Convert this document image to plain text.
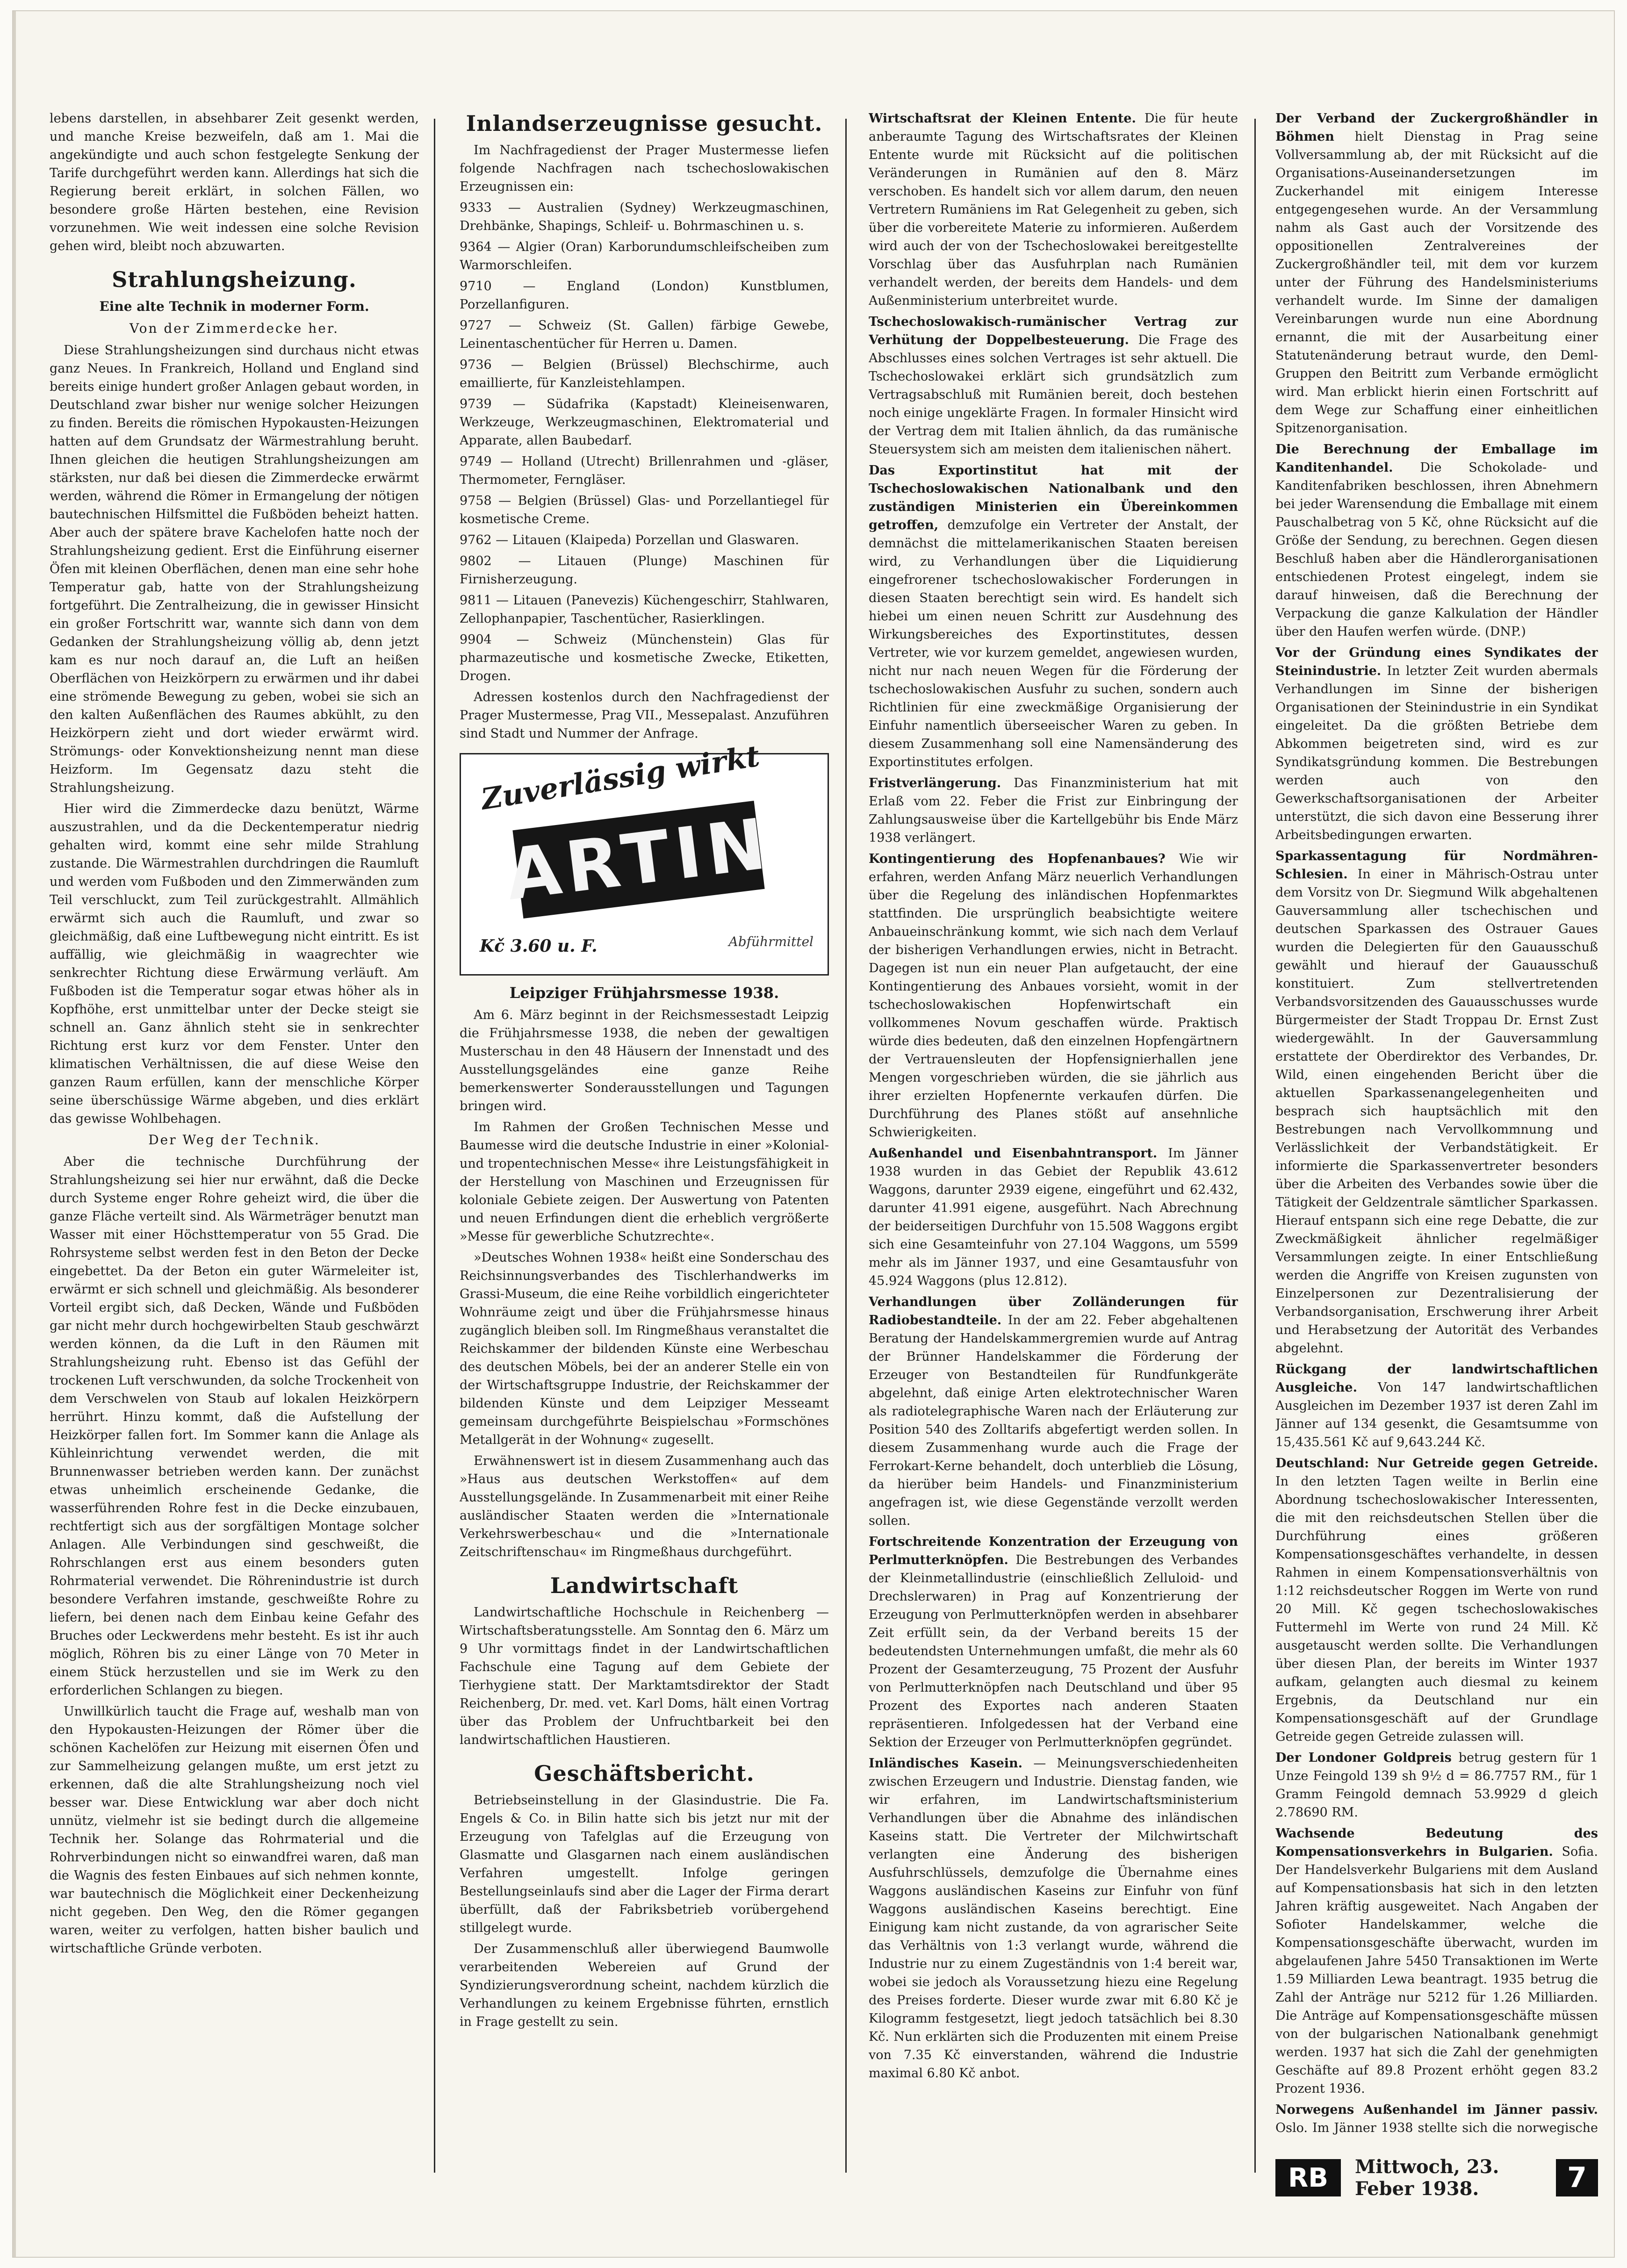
lebens darstellen, in absehbarer Zeit gesenkt werden, und manche Kreise bezweifeln, daß am 1. Mai die angekündigte und auch schon festgelegte Senkung der Tarife durchgeführt werden kann. Allerdings hat sich die Regierung bereit erklärt, in solchen Fällen, wo besondere große Härten bestehen, eine Revision vorzunehmen. Wie weit indessen eine solche Revision gehen wird, bleibt noch abzuwarten.

Strahlungsheizung.
Eine alte Technik in moderner Form.
Von der Zimmerdecke her.

Diese Strahlungsheizungen sind durchaus nicht etwas ganz Neues. In Frankreich, Holland und England sind bereits einige hundert großer Anlagen gebaut worden, in Deutschland zwar bisher nur wenige solcher Heizungen zu finden. Bereits die römischen Hypokausten-Heizungen hatten auf dem Grundsatz der Wärmestrahlung beruht. Ihnen gleichen die heutigen Strahlungsheizungen am stärksten, nur daß bei diesen die Zimmerdecke erwärmt werden, während die Römer in Ermangelung der nötigen bautechnischen Hilfsmittel die Fußböden beheizt hatten. Aber auch der spätere brave Kachelofen hatte noch der Strahlungsheizung gedient. Erst die Einführung eiserner Öfen mit kleinen Oberflächen, denen man eine sehr hohe Temperatur gab, hatte von der Strahlungsheizung fortgeführt. Die Zentralheizung, die in gewisser Hinsicht ein großer Fortschritt war, wannte sich dann von dem Gedanken der Strahlungsheizung völlig ab, denn jetzt kam es nur noch darauf an, die Luft an heißen Oberflächen von Heizkörpern zu erwärmen und ihr dabei eine strömende Bewegung zu geben, wobei sie sich an den kalten Außenflächen des Raumes abkühlt, zu den Heizkörpern zieht und dort wieder erwärmt wird. Strömungs- oder Konvektionsheizung nennt man diese Heizform. Im Gegensatz dazu steht die Strahlungsheizung.

Hier wird die Zimmerdecke dazu benützt, Wärme auszustrahlen, und da die Deckentemperatur niedrig gehalten wird, kommt eine sehr milde Strahlung zustande. Die Wärmestrahlen durchdringen die Raumluft und werden vom Fußboden und den Zimmerwänden zum Teil verschluckt, zum Teil zurückgestrahlt. Allmählich erwärmt sich auch die Raumluft, und zwar so gleichmäßig, daß eine Luftbewegung nicht eintritt. Es ist auffällig, wie gleichmäßig in waagrechter wie senkrechter Richtung diese Erwärmung verläuft. Am Fußboden ist die Temperatur sogar etwas höher als in Kopfhöhe, erst unmittelbar unter der Decke steigt sie schnell an. Ganz ähnlich steht sie in senkrechter Richtung erst kurz vor dem Fenster. Unter den klimatischen Verhältnissen, die auf diese Weise den ganzen Raum erfüllen, kann der menschliche Körper seine überschüssige Wärme abgeben, und dies erklärt das gewisse Wohlbehagen.

Der Weg der Technik.

Aber die technische Durchführung der Strahlungsheizung sei hier nur erwähnt, daß die Decke durch Systeme enger Rohre geheizt wird, die über die ganze Fläche verteilt sind. Als Wärmeträger benutzt man Wasser mit einer Höchsttemperatur von 55 Grad. Die Rohrsysteme selbst werden fest in den Beton der Decke eingebettet. Da der Beton ein guter Wärmeleiter ist, erwärmt er sich schnell und gleichmäßig. Als besonderer Vorteil ergibt sich, daß Decken, Wände und Fußböden gar nicht mehr durch hochgewirbelten Staub geschwärzt werden können, da die Luft in den Räumen mit Strahlungsheizung ruht. Ebenso ist das Gefühl der trockenen Luft verschwunden, da solche Trockenheit von dem Verschwelen von Staub auf lokalen Heizkörpern herrührt. Hinzu kommt, daß die Aufstellung der Heizkörper fallen fort. Im Sommer kann die Anlage als Kühleinrichtung verwendet werden, die mit Brunnenwasser betrieben werden kann. Der zunächst etwas unheimlich erscheinende Gedanke, die wasserführenden Rohre fest in die Decke einzubauen, rechtfertigt sich aus der sorgfältigen Montage solcher Anlagen. Alle Verbindungen sind geschweißt, die Rohrschlangen erst aus einem besonders guten Rohrmaterial verwendet. Die Röhrenindustrie ist durch besondere Verfahren imstande, geschweißte Rohre zu liefern, bei denen nach dem Einbau keine Gefahr des Bruches oder Leckwerdens mehr besteht. Es ist ihr auch möglich, Röhren bis zu einer Länge von 70 Meter in einem Stück herzustellen und sie im Werk zu den erforderlichen Schlangen zu biegen.

Unwillkürlich taucht die Frage auf, weshalb man von den Hypokausten-Heizungen der Römer über die schönen Kachelöfen zur Heizung mit eisernen Öfen und zur Sammelheizung gelangen mußte, um erst jetzt zu erkennen, daß die alte Strahlungsheizung noch viel besser war. Diese Entwicklung war aber doch nicht unnütz, vielmehr ist sie bedingt durch die allgemeine Technik her. Solange das Rohrmaterial und die Rohrverbindungen nicht so einwandfrei waren, daß man die Wagnis des festen Einbaues auf sich nehmen konnte, war bautechnisch die Möglichkeit einer Deckenheizung nicht gegeben. Den Weg, den die Römer gegangen waren, weiter zu verfolgen, hatten bisher baulich und wirtschaftliche Gründe verboten.

Inlandserzeugnisse gesucht.

Im Nachfragedienst der Prager Mustermesse liefen folgende Nachfragen nach tschechoslowakischen Erzeugnissen ein:

9333 — Australien (Sydney) Werkzeugmaschinen, Drehbänke, Shapings, Schleif- u. Bohrmaschinen u. s.

9364 — Algier (Oran) Karborundumschleifscheiben zum Warmorschleifen.

9710 — England (London) Kunstblumen, Porzellanfiguren.

9727 — Schweiz (St. Gallen) färbige Gewebe, Leinentaschentücher für Herren u. Damen.

9736 — Belgien (Brüssel) Blechschirme, auch emaillierte, für Kanzleistehlampen.

9739 — Südafrika (Kapstadt) Kleineisenwaren, Werkzeuge, Werkzeugmaschinen, Elektromaterial und Apparate, allen Baubedarf.

9749 — Holland (Utrecht) Brillenrahmen und -gläser, Thermometer, Ferngläser.

9758 — Belgien (Brüssel) Glas- und Porzellantiegel für kosmetische Creme.

9762 — Litauen (Klaipeda) Porzellan und Glaswaren.

9802 — Litauen (Plunge) Maschinen für Firnisherzeugung.

9811 — Litauen (Panevezis) Küchengeschirr, Stahlwaren, Zellophanpapier, Taschentücher, Rasierklingen.

9904 — Schweiz (Münchenstein) Glas für pharmazeutische und kosmetische Zwecke, Etiketten, Drogen.

Adressen kostenlos durch den Nachfragedienst der Prager Mustermesse, Prag VII., Messepalast. Anzuführen sind Stadt und Nummer der Anfrage.

Zuverlässig wirkt
ARTIN
Kč 3.60 u. F.	Abführmittel
Leipziger Frühjahrsmesse 1938.

Am 6. März beginnt in der Reichsmessestadt Leipzig die Frühjahrsmesse 1938, die neben der gewaltigen Musterschau in den 48 Häusern der Innenstadt und des Ausstellungsgeländes eine ganze Reihe bemerkenswerter Sonderausstellungen und Tagungen bringen wird.

Im Rahmen der Großen Technischen Messe und Baumesse wird die deutsche Industrie in einer »Kolonial- und tropentechnischen Messe« ihre Leistungsfähigkeit in der Herstellung von Maschinen und Erzeugnissen für koloniale Gebiete zeigen. Der Auswertung von Patenten und neuen Erfindungen dient die erheblich vergrößerte »Messe für gewerbliche Schutzrechte«.

»Deutsches Wohnen 1938« heißt eine Sonderschau des Reichsinnungsverbandes des Tischlerhandwerks im Grassi-Museum, die eine Reihe vorbildlich eingerichteter Wohnräume zeigt und über die Frühjahrsmesse hinaus zugänglich bleiben soll. Im Ringmeßhaus veranstaltet die Reichskammer der bildenden Künste eine Werbeschau des deutschen Möbels, bei der an anderer Stelle ein von der Wirtschaftsgruppe Industrie, der Reichskammer der bildenden Künste und dem Leipziger Messeamt gemeinsam durchgeführte Beispielschau »Formschönes Metallgerät in der Wohnung« zugesellt.

Erwähnenswert ist in diesem Zusammenhang auch das »Haus aus deutschen Werkstoffen« auf dem Ausstellungsgelände. In Zusammenarbeit mit einer Reihe ausländischer Staaten werden die »Internationale Verkehrswerbeschau« und die »Internationale Zeitschriftenschau« im Ringmeßhaus durchgeführt.

Landwirtschaft

Landwirtschaftliche Hochschule in Reichenberg — Wirtschaftsberatungsstelle. Am Sonntag den 6. März um 9 Uhr vormittags findet in der Landwirtschaftlichen Fachschule eine Tagung auf dem Gebiete der Tierhygiene statt. Der Marktamtsdirektor der Stadt Reichenberg, Dr. med. vet. Karl Doms, hält einen Vortrag über das Problem der Unfruchtbarkeit bei den landwirtschaftlichen Haustieren.

Geschäftsbericht.

Betriebseinstellung in der Glasindustrie. Die Fa. Engels & Co. in Bilin hatte sich bis jetzt nur mit der Erzeugung von Tafelglas auf die Erzeugung von Glasmatte und Glasgarnen nach einem ausländischen Verfahren umgestellt. Infolge geringen Bestellungseinlaufs sind aber die Lager der Firma derart überfüllt, daß der Fabriksbetrieb vorübergehend stillgelegt wurde.

Der Zusammenschluß aller überwiegend Baumwolle verarbeitenden Webereien auf Grund der Syndizierungsverordnung scheint, nachdem kürzlich die Verhandlungen zu keinem Ergebnisse führten, ernstlich in Frage gestellt zu sein.

Wirtschaftsrat der Kleinen Entente. Die für heute anberaumte Tagung des Wirtschaftsrates der Kleinen Entente wurde mit Rücksicht auf die politischen Veränderungen in Rumänien auf den 8. März verschoben. Es handelt sich vor allem darum, den neuen Vertretern Rumäniens im Rat Gelegenheit zu geben, sich über die vorbereitete Materie zu informieren. Außerdem wird auch der von der Tschechoslowakei bereitgestellte Vorschlag über das Ausfuhrplan nach Rumänien verhandelt werden, der bereits dem Handels- und dem Außenministerium unterbreitet wurde.

Tschechoslowakisch-rumänischer Vertrag zur Verhütung der Doppelbesteuerung. Die Frage des Abschlusses eines solchen Vertrages ist sehr aktuell. Die Tschechoslowakei erklärt sich grundsätzlich zum Vertragsabschluß mit Rumänien bereit, doch bestehen noch einige ungeklärte Fragen. In formaler Hinsicht wird der Vertrag dem mit Italien ähnlich, da das rumänische Steuersystem sich am meisten dem italienischen nähert.

Das Exportinstitut hat mit der Tschechoslowakischen Nationalbank und den zuständigen Ministerien ein Übereinkommen getroffen, demzufolge ein Vertreter der Anstalt, der demnächst die mittelamerikanischen Staaten bereisen wird, zu Verhandlungen über die Liquidierung eingefrorener tschechoslowakischer Forderungen in diesen Staaten berechtigt sein wird. Es handelt sich hiebei um einen neuen Schritt zur Ausdehnung des Wirkungsbereiches des Exportinstitutes, dessen Vertreter, wie vor kurzem gemeldet, angewiesen wurden, nicht nur nach neuen Wegen für die Förderung der tschechoslowakischen Ausfuhr zu suchen, sondern auch Richtlinien für eine zweckmäßige Organisierung der Einfuhr namentlich überseeischer Waren zu geben. In diesem Zusammenhang soll eine Namensänderung des Exportinstitutes erfolgen.

Fristverlängerung. Das Finanzministerium hat mit Erlaß vom 22. Feber die Frist zur Einbringung der Zahlungsausweise über die Kartellgebühr bis Ende März 1938 verlängert.

Kontingentierung des Hopfenanbaues? Wie wir erfahren, werden Anfang März neuerlich Verhandlungen über die Regelung des inländischen Hopfenmarktes stattfinden. Die ursprünglich beabsichtigte weitere Anbaueinschränkung kommt, wie sich nach dem Verlauf der bisherigen Verhandlungen erwies, nicht in Betracht. Dagegen ist nun ein neuer Plan aufgetaucht, der eine Kontingentierung des Anbaues vorsieht, womit in der tschechoslowakischen Hopfenwirtschaft ein vollkommenes Novum geschaffen würde. Praktisch würde dies bedeuten, daß den einzelnen Hopfengärtnern der Vertrauensleuten der Hopfensignierhallen jene Mengen vorgeschrieben würden, die sie jährlich aus ihrer erzielten Hopfenernte verkaufen dürfen. Die Durchführung des Planes stößt auf ansehnliche Schwierigkeiten.

Außenhandel und Eisenbahntransport. Im Jänner 1938 wurden in das Gebiet der Republik 43.612 Waggons, darunter 2939 eigene, eingeführt und 62.432, darunter 41.991 eigene, ausgeführt. Nach Abrechnung der beiderseitigen Durchfuhr von 15.508 Waggons ergibt sich eine Gesamteinfuhr von 27.104 Waggons, um 5599 mehr als im Jänner 1937, und eine Gesamtausfuhr von 45.924 Waggons (plus 12.812).

Verhandlungen über Zolländerungen für Radiobestandteile. In der am 22. Feber abgehaltenen Beratung der Handelskammergremien wurde auf Antrag der Brünner Handelskammer die Förderung der Erzeuger von Bestandteilen für Rundfunkgeräte abgelehnt, daß einige Arten elektrotechnischer Waren als radiotelegraphische Waren nach der Erläuterung zur Position 540 des Zolltarifs abgefertigt werden sollen. In diesem Zusammenhang wurde auch die Frage der Ferrokart-Kerne behandelt, doch unterblieb die Lösung, da hierüber beim Handels- und Finanzministerium angefragen ist, wie diese Gegenstände verzollt werden sollen.

Fortschreitende Konzentration der Erzeugung von Perlmutterknöpfen. Die Bestrebungen des Verbandes der Kleinmetallindustrie (einschließlich Zelluloid- und Drechslerwaren) in Prag auf Konzentrierung der Erzeugung von Perlmutterknöpfen werden in absehbarer Zeit erfüllt sein, da der Verband bereits 15 der bedeutendsten Unternehmungen umfaßt, die mehr als 60 Prozent der Gesamterzeugung, 75 Prozent der Ausfuhr von Perlmutterknöpfen nach Deutschland und über 95 Prozent des Exportes nach anderen Staaten repräsentieren. Infolgedessen hat der Verband eine Sektion der Erzeuger von Perlmutterknöpfen gegründet.

Inländisches Kasein. — Meinungsverschiedenheiten zwischen Erzeugern und Industrie. Dienstag fanden, wie wir erfahren, im Landwirtschaftsministerium Verhandlungen über die Abnahme des inländischen Kaseins statt. Die Vertreter der Milchwirtschaft verlangten eine Änderung des bisherigen Ausfuhrschlüssels, demzufolge die Übernahme eines Waggons ausländischen Kaseins zur Einfuhr von fünf Waggons ausländischen Kaseins berechtigt. Eine Einigung kam nicht zustande, da von agrarischer Seite das Verhältnis von 1:3 verlangt wurde, während die Industrie nur zu einem Zugeständnis von 1:4 bereit war, wobei sie jedoch als Voraussetzung hiezu eine Regelung des Preises forderte. Dieser wurde zwar mit 6.80 Kč je Kilogramm festgesetzt, liegt jedoch tatsächlich bei 8.30 Kč. Nun erklärten sich die Produzenten mit einem Preise von 7.35 Kč einverstanden, während die Industrie maximal 6.80 Kč anbot.

Der Verband der Zuckergroßhändler in Böhmen hielt Dienstag in Prag seine Vollversammlung ab, der mit Rücksicht auf die Organisations-Auseinandersetzungen im Zuckerhandel mit einigem Interesse entgegengesehen wurde. An der Versammlung nahm als Gast auch der Vorsitzende des oppositionellen Zentralvereines der Zuckergroßhändler teil, mit dem vor kurzem unter der Führung des Handelsministeriums verhandelt wurde. Im Sinne der damaligen Vereinbarungen wurde nun eine Abordnung ernannt, die mit der Ausarbeitung einer Statutenänderung betraut wurde, den Deml-Gruppen den Beitritt zum Verbande ermöglicht wird. Man erblickt hierin einen Fortschritt auf dem Wege zur Schaffung einer einheitlichen Spitzenorganisation.

Die Berechnung der Emballage im Kanditenhandel. Die Schokolade- und Kanditenfabriken beschlossen, ihren Abnehmern bei jeder Warensendung die Emballage mit einem Pauschalbetrag von 5 Kč, ohne Rücksicht auf die Größe der Sendung, zu berechnen. Gegen diesen Beschluß haben aber die Händlerorganisationen entschiedenen Protest eingelegt, indem sie darauf hinweisen, daß die Berechnung der Verpackung die ganze Kalkulation der Händler über den Haufen werfen würde. (DNP.)

Vor der Gründung eines Syndikates der Steinindustrie. In letzter Zeit wurden abermals Verhandlungen im Sinne der bisherigen Organisationen der Steinindustrie in ein Syndikat eingeleitet. Da die größten Betriebe dem Abkommen beigetreten sind, wird es zur Syndikatsgründung kommen. Die Bestrebungen werden auch von den Gewerkschaftsorganisationen der Arbeiter unterstützt, die sich davon eine Besserung ihrer Arbeitsbedingungen erwarten.

Sparkassentagung für Nordmähren-Schlesien. In einer in Mährisch-Ostrau unter dem Vorsitz von Dr. Siegmund Wilk abgehaltenen Gauversammlung aller tschechischen und deutschen Sparkassen des Ostrauer Gaues wurden die Delegierten für den Gauausschuß gewählt und hierauf der Gauausschuß konstituiert. Zum stellvertretenden Verbandsvorsitzenden des Gauausschusses wurde Bürgermeister der Stadt Troppau Dr. Ernst Zust wiedergewählt. In der Gauversammlung erstattete der Oberdirektor des Verbandes, Dr. Wild, einen eingehenden Bericht über die aktuellen Sparkassenangelegenheiten und besprach sich hauptsächlich mit den Bestrebungen nach Vervollkommnung und Verlässlichkeit der Verbandstätigkeit. Er informierte die Sparkassenvertreter besonders über die Arbeiten des Verbandes sowie über die Tätigkeit der Geldzentrale sämtlicher Sparkassen. Hierauf entspann sich eine rege Debatte, die zur Zweckmäßigkeit ähnlicher regelmäßiger Versammlungen zeigte. In einer Entschließung werden die Angriffe von Kreisen zugunsten von Einzelpersonen zur Dezentralisierung der Verbandsorganisation, Erschwerung ihrer Arbeit und Herabsetzung der Autorität des Verbandes abgelehnt.

Rückgang der landwirtschaftlichen Ausgleiche. Von 147 landwirtschaftlichen Ausgleichen im Dezember 1937 ist deren Zahl im Jänner auf 134 gesenkt, die Gesamtsumme von 15,435.561 Kč auf 9,643.244 Kč.

Deutschland: Nur Getreide gegen Getreide. In den letzten Tagen weilte in Berlin eine Abordnung tschechoslowakischer Interessenten, die mit den reichsdeutschen Stellen über die Durchführung eines größeren Kompensationsgeschäftes verhandelte, in dessen Rahmen in einem Kompensationsverhältnis von 1:12 reichsdeutscher Roggen im Werte von rund 20 Mill. Kč gegen tschechoslowakisches Futtermehl im Werte von rund 24 Mill. Kč ausgetauscht werden sollte. Die Verhandlungen über diesen Plan, der bereits im Winter 1937 aufkam, gelangten auch diesmal zu keinem Ergebnis, da Deutschland nur ein Kompensationsgeschäft auf der Grundlage Getreide gegen Getreide zulassen will.

Der Londoner Goldpreis betrug gestern für 1 Unze Feingold 139 sh 9½ d = 86.7757 RM., für 1 Gramm Feingold demnach 53.9929 d gleich 2.78690 RM.

Wachsende Bedeutung des Kompensationsverkehrs in Bulgarien. Sofia. Der Handelsverkehr Bulgariens mit dem Ausland auf Kompensationsbasis hat sich in den letzten Jahren kräftig ausgeweitet. Nach Angaben der Sofioter Handelskammer, welche die Kompensationsgeschäfte überwacht, wurden im abgelaufenen Jahre 5450 Transaktionen im Werte 1.59 Milliarden Lewa beantragt. 1935 betrug die Zahl der Anträge nur 5212 für 1.26 Milliarden. Die Anträge auf Kompensationsgeschäfte müssen von der bulgarischen Nationalbank genehmigt werden. 1937 hat sich die Zahl der genehmigten Geschäfte auf 89.8 Prozent erhöht gegen 83.2 Prozent 1936.

Norwegens Außenhandel im Jänner passiv. Oslo. Im Jänner 1938 stellte sich die norwegische

RB	Mittwoch, 23. Feber 1938.	7
